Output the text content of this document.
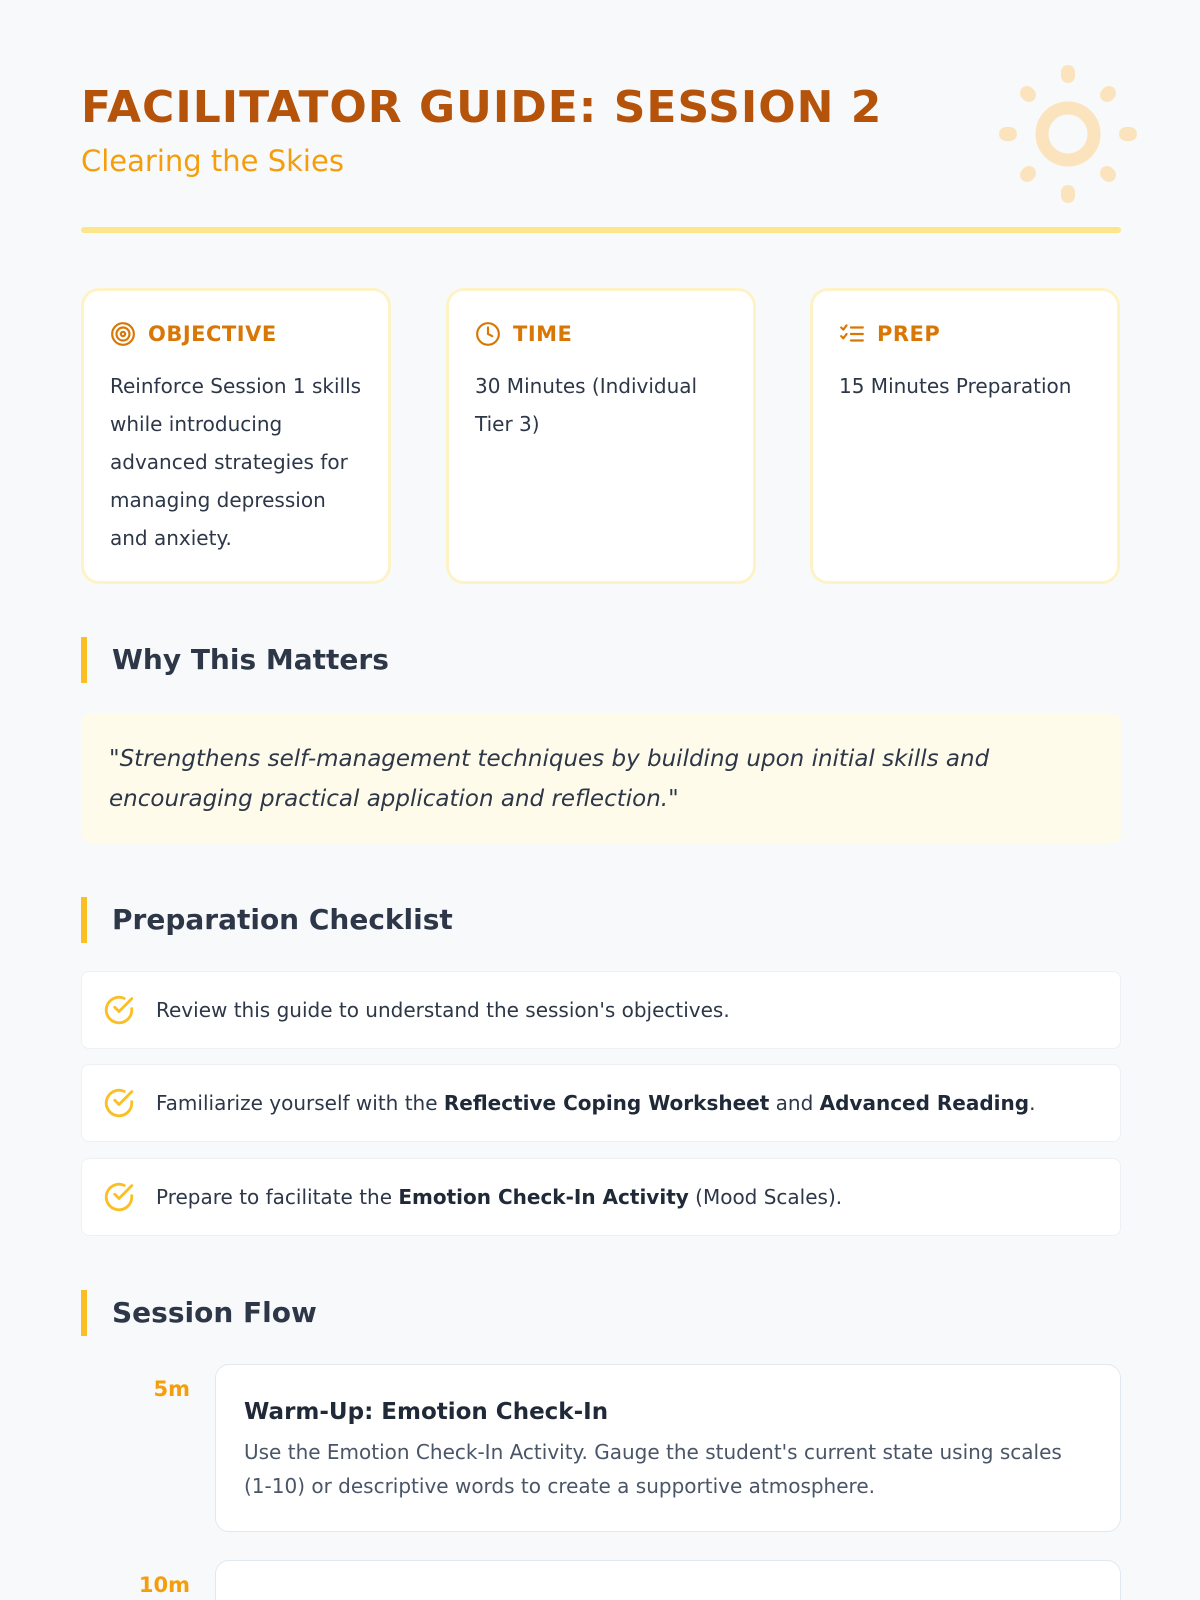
FACILITATOR GUIDE: SESSION 2
Clearing the Skies
OBJECTIVE
Reinforce Session 1 skills while introducing advanced strategies for managing depression and anxiety.
TIME
30 Minutes (Individual Tier 3)
PREP
15 Minutes Preparation
Why This Matters
"Strengthens self-management techniques by building upon initial skills and encouraging practical application and reflection."
Preparation Checklist
Review this guide to understand the session's objectives.
Familiarize yourself with the Reflective Coping Worksheet and Advanced Reading.
Prepare to facilitate the Emotion Check-In Activity (Mood Scales).
Session Flow
5m
Warm-Up: Emotion Check-In
Use the Emotion Check-In Activity. Gauge the student's current state using scales (1-10) or descriptive words to create a supportive atmosphere.
10m
